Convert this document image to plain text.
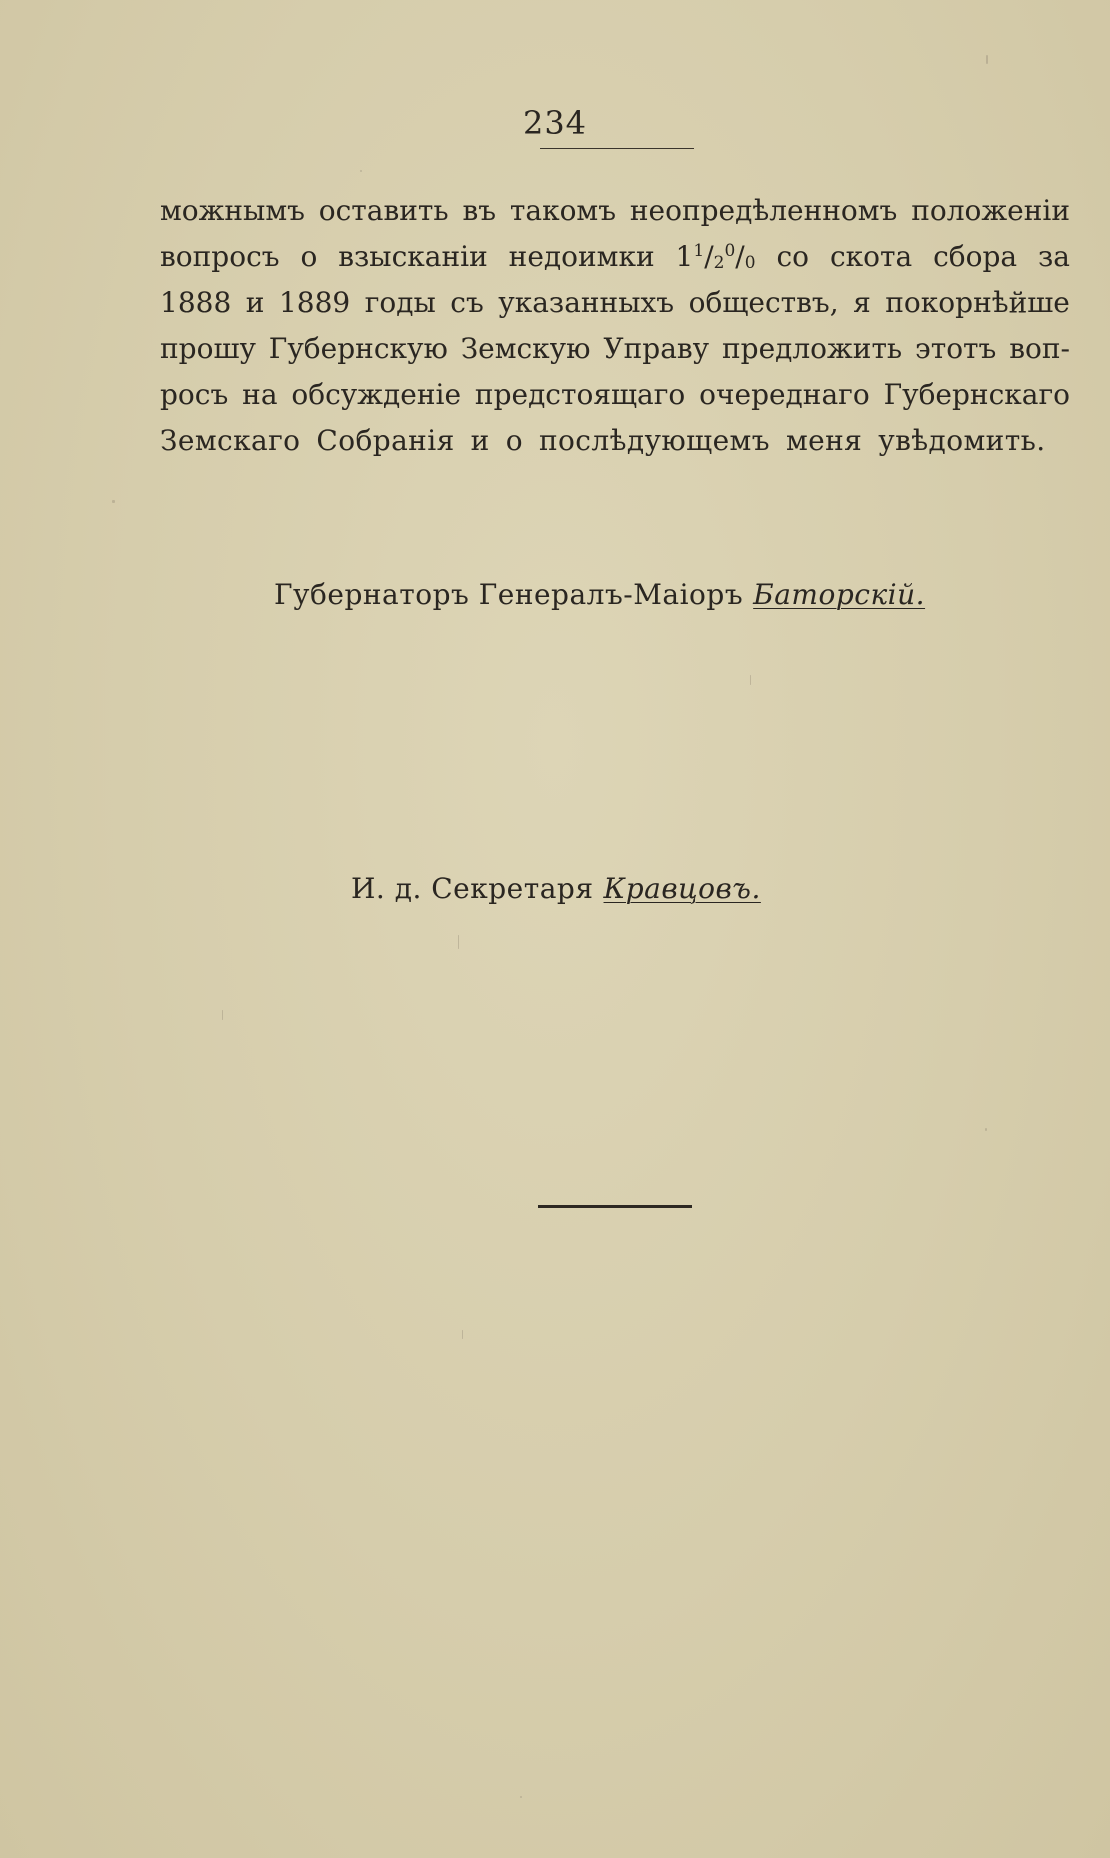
234
можнымъ оставить въ такомъ неопредѣленномъ положеніи
вопросъ о взысканіи недоимки $1^1/_2^0/_0$ со скота сбора за
1888 и 1889 годы съ указанныхъ обществъ, я покорнѣйше
прошу Губернскую Земскую Управу предложить этотъ воп-
росъ на обсужденіе предстоящаго очереднаго Губернскаго
Земскаго Собранія и о послѣдующемъ меня увѣдомить.
Губернаторъ Генералъ-Маіоръ Баторскій.
И. д. Секретаря Кравцовъ.
